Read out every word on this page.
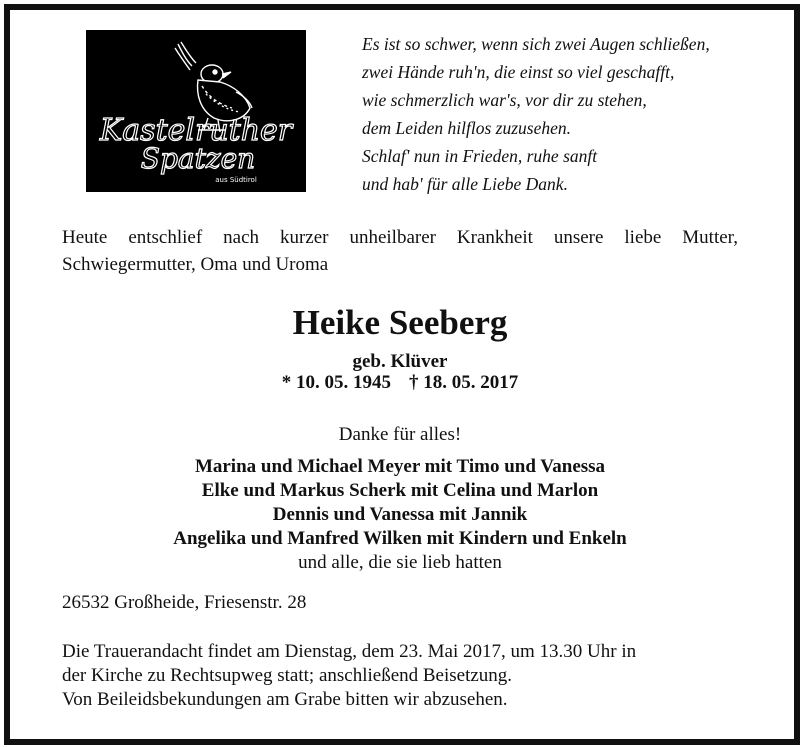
Kastelruther
Spatzen
aus Südtirol
Es ist so schwer, wenn sich zwei Augen schließen,
zwei Hände ruh'n, die einst so viel geschafft,
wie schmerzlich war's, vor dir zu stehen,
dem Leiden hilflos zuzusehen.
Schlaf' nun in Frieden, ruhe sanft
und hab' für alle Liebe Dank.
Heute entschlief nach kurzer unheilbarer Krankheit unsere liebe Mutter, Schwiegermutter, Oma und Uroma
Heike Seeberg
geb. Klüver
* 10. 05. 1945 † 18. 05. 2017
Danke für alles!
Marina und Michael Meyer mit Timo und Vanessa
Elke und Markus Scherk mit Celina und Marlon
Dennis und Vanessa mit Jannik
Angelika und Manfred Wilken mit Kindern und Enkeln
und alle, die sie lieb hatten
26532 Großheide, Friesenstr. 28
Die Trauerandacht findet am Dienstag, dem 23. Mai 2017, um 13.30 Uhr in
der Kirche zu Rechtsupweg statt; anschließend Beisetzung.
Von Beileidsbekundungen am Grabe bitten wir abzusehen.
